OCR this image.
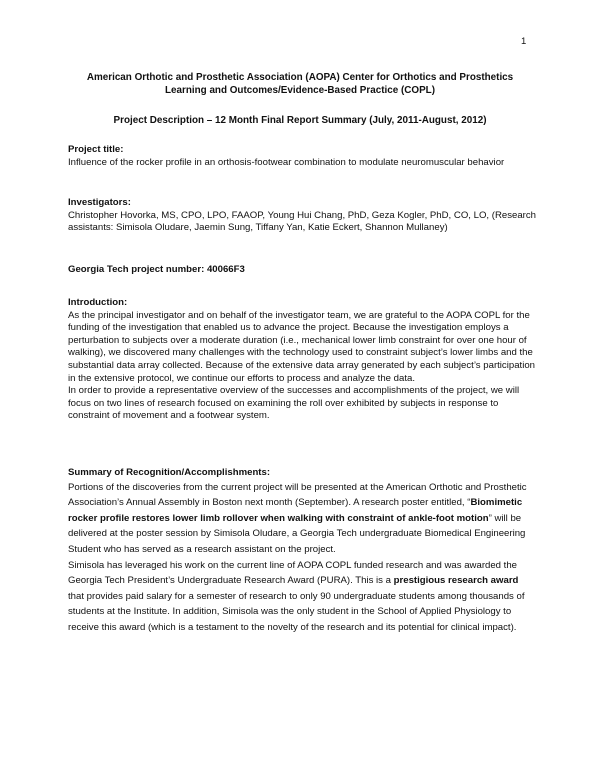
1
American Orthotic and Prosthetic Association (AOPA) Center for Orthotics and Prosthetics
Learning and Outcomes/Evidence-Based Practice (COPL)
Project Description – 12 Month Final Report Summary (July, 2011-August, 2012)
Project title:

Influence of the rocker profile in an orthosis-footwear combination to modulate neuromuscular behavior

Investigators:

Christopher Hovorka, MS, CPO, LPO, FAAOP, Young Hui Chang, PhD, Geza Kogler, PhD, CO, LO, (Research assistants: Simisola Oludare, Jaemin Sung, Tiffany Yan, Katie Eckert, Shannon Mullaney)

Georgia Tech project number: 40066F3
Introduction:

As the principal investigator and on behalf of the investigator team, we are grateful to the AOPA COPL for the funding of the investigation that enabled us to advance the project. Because the investigation employs a perturbation to subjects over a moderate duration (i.e., mechanical lower limb constraint for over one hour of walking), we discovered many challenges with the technology used to constraint subject’s lower limbs and the substantial data array collected. Because of the extensive data array generated by each subject’s participation in the extensive protocol, we continue our efforts to process and analyze the data.

In order to provide a representative overview of the successes and accomplishments of the project, we will focus on two lines of research focused on examining the roll over exhibited by subjects in response to constraint of movement and a footwear system.

Summary of Recognition/Accomplishments:

Portions of the discoveries from the current project will be presented at the American Orthotic and Prosthetic Association’s Annual Assembly in Boston next month (September). A research poster entitled, “Biomimetic rocker profile restores lower limb rollover when walking with constraint of ankle-foot motion” will be delivered at the poster session by Simisola Oludare, a Georgia Tech undergraduate Biomedical Engineering Student who has served as a research assistant on the project.

Simisola has leveraged his work on the current line of AOPA COPL funded research and was awarded the Georgia Tech President’s Undergraduate Research Award (PURA). This is a prestigious research award that provides paid salary for a semester of research to only 90 undergraduate students among thousands of students at the Institute. In addition, Simisola was the only student in the School of Applied Physiology to receive this award (which is a testament to the novelty of the research and its potential for clinical impact).
